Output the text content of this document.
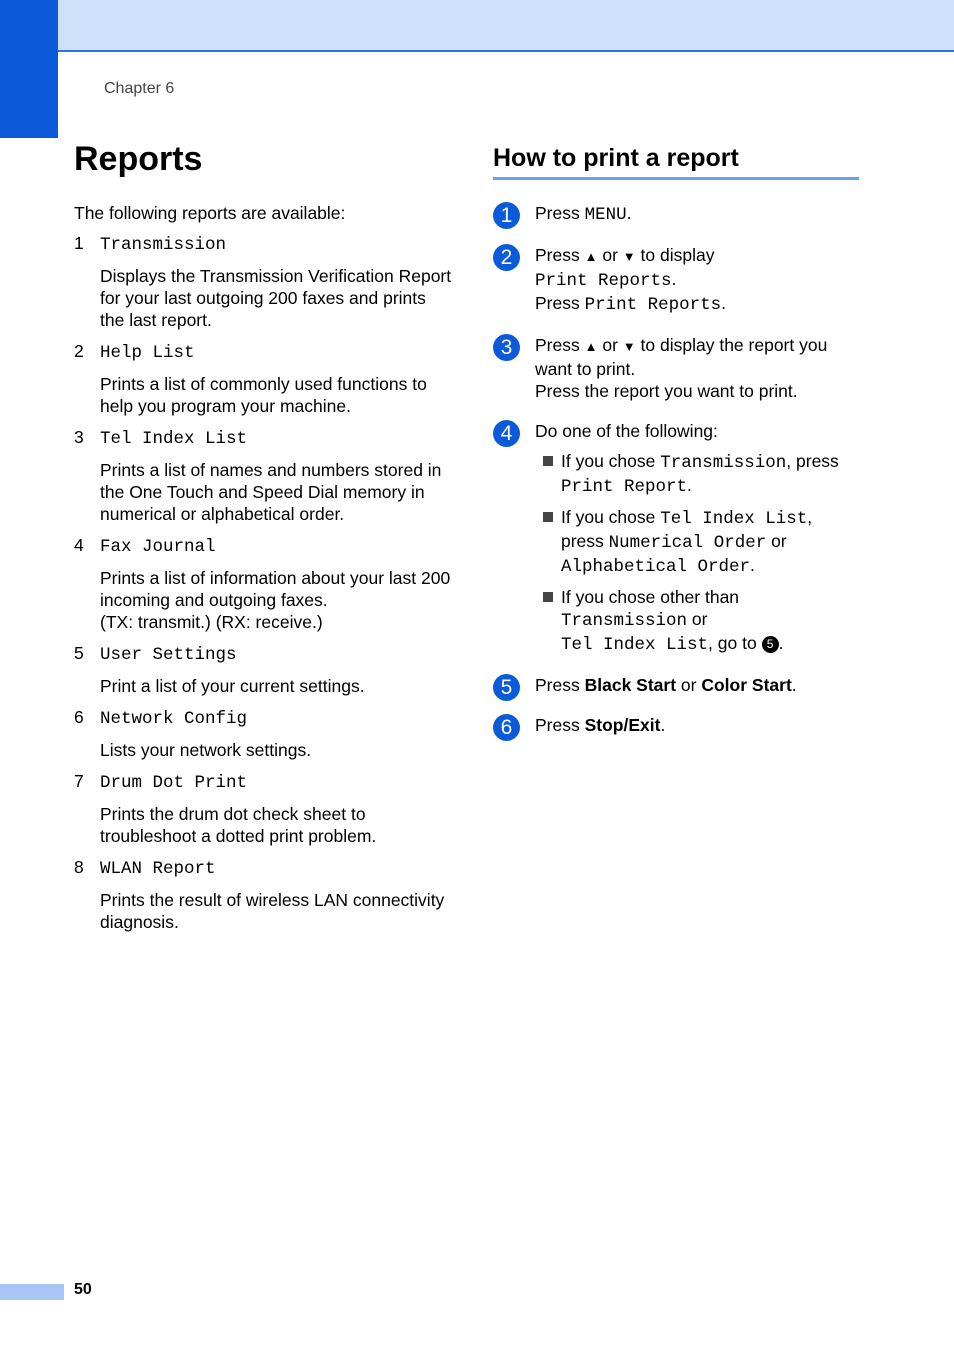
Chapter 6
Reports

The following reports are available:

1 Transmission

Displays the Transmission Verification Report for your last outgoing 200 faxes and prints the last report.

2 Help List

Prints a list of commonly used functions to help you program your machine.

3 Tel Index List

Prints a list of names and numbers stored in the One Touch and Speed Dial memory in numerical or alphabetical order.

4 Fax Journal

Prints a list of information about your last 200 incoming and outgoing faxes.
(TX: transmit.) (RX: receive.)

5 User Settings

Print a list of your current settings.

6 Network Config

Lists your network settings.

7 Drum Dot Print

Prints the drum dot check sheet to troubleshoot a dotted print problem.

8 WLAN Report

Prints the result of wireless LAN connectivity diagnosis.

How to print a report
1	Press MENU.
2	Press ▲ or ▼ to display
Print Reports.
Press Print Reports.
3	Press ▲ or ▼ to display the report you want to print.
Press the report you want to print.
4	Do one of the following:
If you chose Transmission, press
Print Report.
If you chose Tel Index List,
press Numerical Order or
Alphabetical Order.
If you chose other than
Transmission or
Tel Index List, go to 5 .
5	Press Black Start or Color Start.
6	Press Stop/Exit.
50
